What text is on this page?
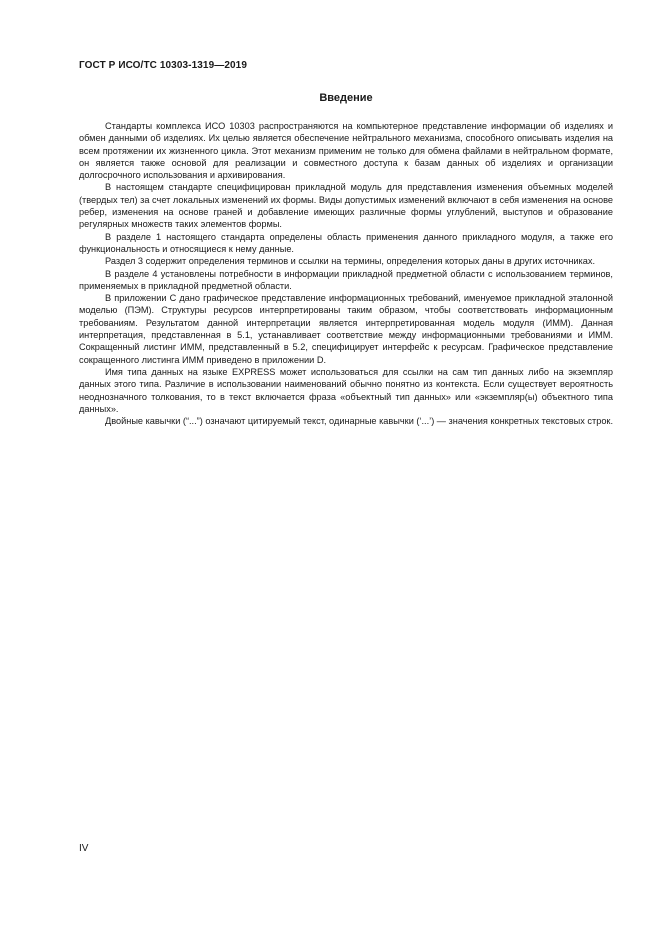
ГОСТ Р ИСО/ТС 10303-1319—2019
Введение

Стандарты комплекса ИСО 10303 распространяются на компьютерное представление информации об изделиях и обмен данными об изделиях. Их целью является обеспечение нейтрального механизма, способного описывать изделия на всем протяжении их жизненного цикла. Этот механизм применим не только для обмена файлами в нейтральном формате, он является также основой для реализации и совместного доступа к базам данных об изделиях и организации долгосрочного использования и архивирования.

В настоящем стандарте специфицирован прикладной модуль для представления изменения объемных моделей (твердых тел) за счет локальных изменений их формы. Виды допустимых изменений включают в себя изменения на основе ребер, изменения на основе граней и добавление имеющих различные формы углублений, выступов и образование регулярных множеств таких элементов формы.

В разделе 1 настоящего стандарта определены область применения данного прикладного модуля, а также его функциональность и относящиеся к нему данные.

Раздел 3 содержит определения терминов и ссылки на термины, определения которых даны в других источниках.

В разделе 4 установлены потребности в информации прикладной предметной области с использованием терминов, применяемых в прикладной предметной области.

В приложении С дано графическое представление информационных требований, именуемое прикладной эталонной моделью (ПЭМ). Структуры ресурсов интерпретированы таким образом, чтобы соответствовать информационным требованиям. Результатом данной интерпретации является интерпретированная модель модуля (ИММ). Данная интерпретация, представленная в 5.1, устанавливает соответствие между информационными требованиями и ИММ. Сокращенный листинг ИММ, представленный в 5.2, специфицирует интерфейс к ресурсам. Графическое представление сокращенного листинга ИММ приведено в приложении D.

Имя типа данных на языке EXPRESS может использоваться для ссылки на сам тип данных либо на экземпляр данных этого типа. Различие в использовании наименований обычно понятно из контекста. Если существует вероятность неоднозначного толкования, то в текст включается фраза «объектный тип данных» или «экземпляр(ы) объектного типа данных».

Двойные кавычки (“...”) означают цитируемый текст, одинарные кавычки (‘...’) — значения конкретных текстовых строк.

IV
